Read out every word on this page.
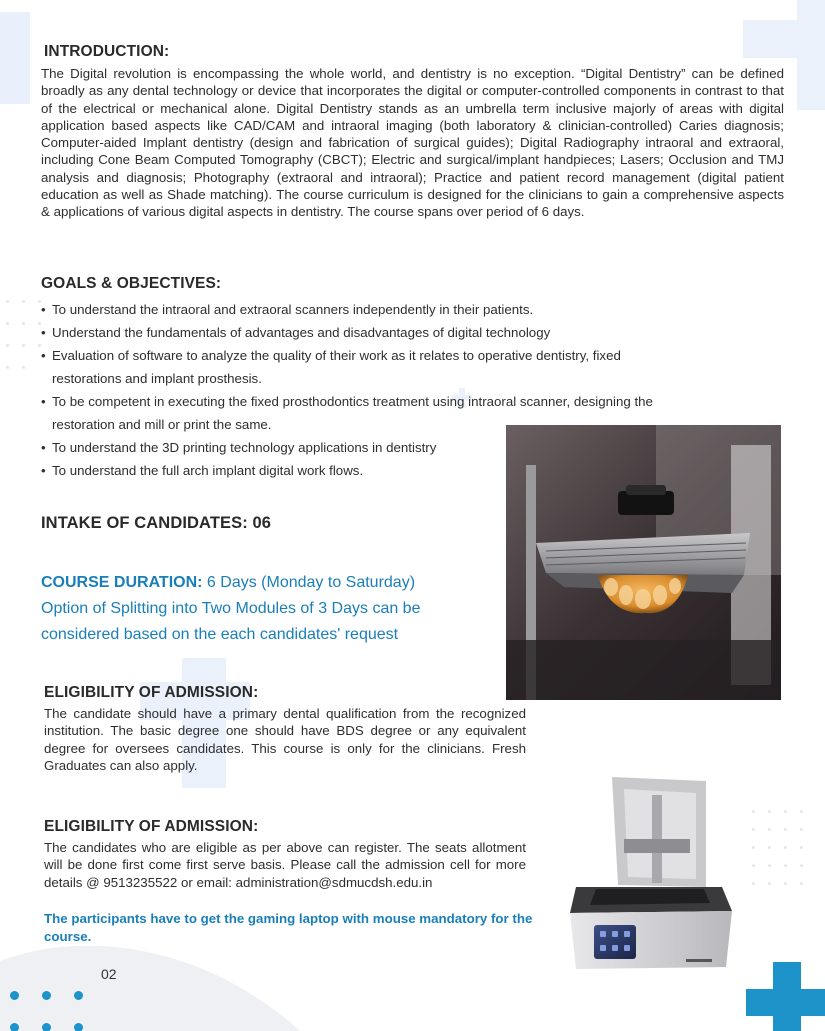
INTRODUCTION:

The Digital revolution is encompassing the whole world, and dentistry is no exception. “Digital Dentistry” can be defined broadly as any dental technology or device that incorporates the digital or computer-controlled components in contrast to that of the electrical or mechanical alone. Digital Dentistry stands as an umbrella term inclusive majorly of areas with digital application based aspects like CAD/CAM and intraoral imaging (both laboratory & clinician-controlled) Caries diagnosis; Computer-aided Implant dentistry (design and fabrication of surgical guides); Digital Radiography intraoral and extraoral, including Cone Beam Computed Tomography (CBCT); Electric and surgical/implant handpieces; Lasers; Occlusion and TMJ analysis and diagnosis; Photography (extraoral and intraoral); Practice and patient record management (digital patient education as well as Shade matching). The course curriculum is designed for the clinicians to gain a comprehensive aspects & applications of various digital aspects in dentistry. The course spans over period of 6 days.

GOALS & OBJECTIVES:
• To understand the intraoral and extraoral scanners independently in their patients.
• Understand the fundamentals of advantages and disadvantages of digital technology
• Evaluation of software to analyze the quality of their work as it relates to operative dentistry, fixed restorations and implant prosthesis.
• To be competent in executing the fixed prosthodontics treatment using intraoral scanner, designing the restoration and mill or print the same.
• To understand the 3D printing technology applications in dentistry
• To understand the full arch implant digital work flows.
INTAKE OF CANDIDATES: 06
COURSE DURATION: 6 Days (Monday to Saturday)
Option of Splitting into Two Modules of 3 Days can be considered based on the each candidates' request
ELIGIBILITY OF ADMISSION:

The candidate should have a primary dental qualification from the recognized institution. The basic degree one should have BDS degree or any equivalent degree for oversees candidates. This course is only for the clinicians. Fresh Graduates can also apply.

ELIGIBILITY OF ADMISSION:

The candidates who are eligible as per above can register. The seats allotment will be done first come first serve basis. Please call the admission cell for more details @ 9513235522 or email: administration@sdmucdsh.edu.in

The participants have to get the gaming laptop with mouse mandatory for the course.

02
